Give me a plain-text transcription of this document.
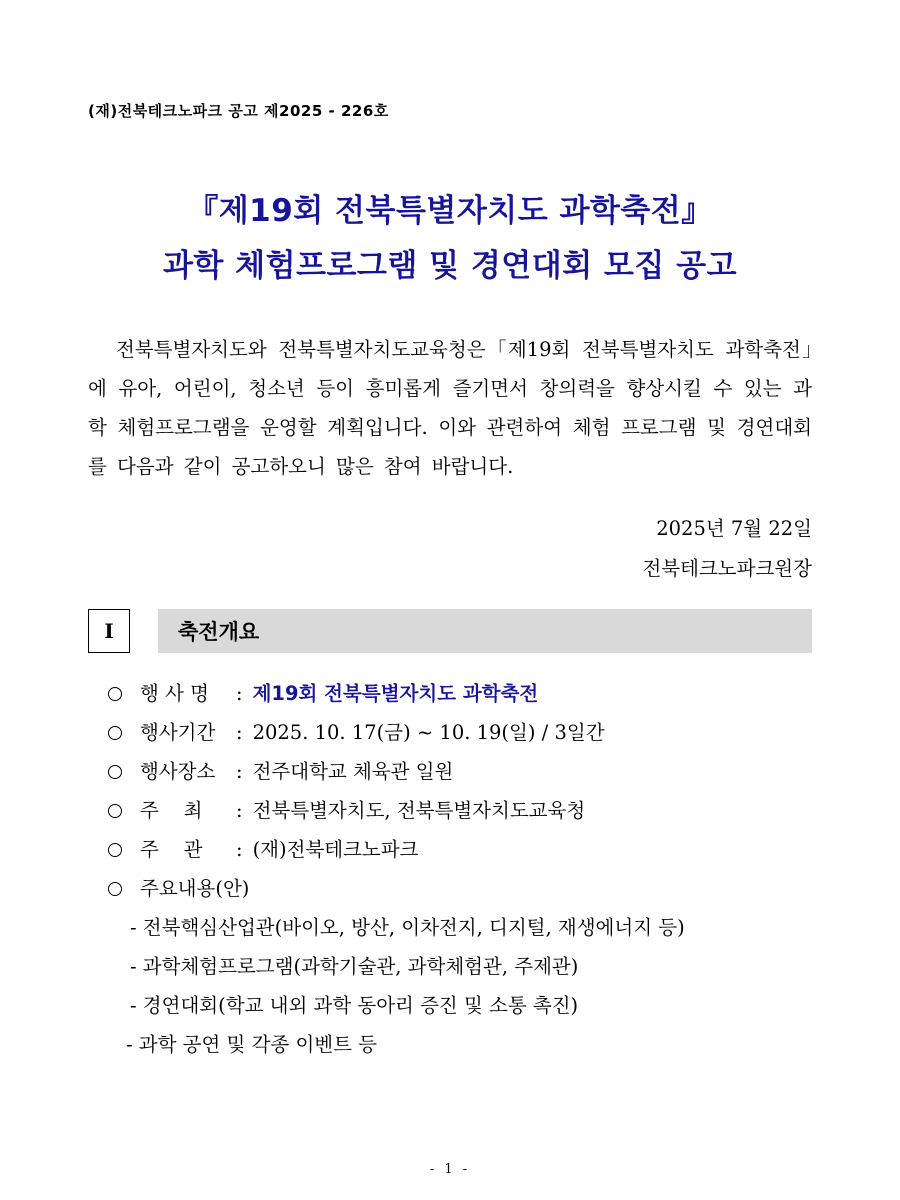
(재)전북테크노파크 공고 제2025 - 226호
『제19회 전북특별자치도 과학축전』
과학 체험프로그램 및 경연대회 모집 공고
전북특별자치도와 전북특별자치도교육청은「제19회 전북특별자치도 과학축전」에 유아, 어린이, 청소년 등이 흥미롭게 즐기면서 창의력을 향상시킬 수 있는 과학 체험프로그램을 운영할 계획입니다. 이와 관련하여 체험 프로그램 및 경연대회를 다음과 같이 공고하오니 많은 참여 바랍니다.
2025년 7월 22일
전북테크노파크원장
Ⅰ	축전개요
행 사 명	: 제19회 전북특별자치도 과학축전
행사기간	: 2025. 10. 17(금) ~ 10. 19(일) / 3일간
행사장소	: 전주대학교 체육관 일원
주    최	: 전북특별자치도, 전북특별자치도교육청
주    관	: (재)전북테크노파크
주요내용(안)
- 전북핵심산업관(바이오, 방산, 이차전지, 디지털, 재생에너지 등)
- 과학체험프로그램(과학기술관, 과학체험관, 주제관)
- 경연대회(학교 내외 과학 동아리 증진 및 소통 촉진)
- 과학 공연 및 각종 이벤트 등
- 1 -
